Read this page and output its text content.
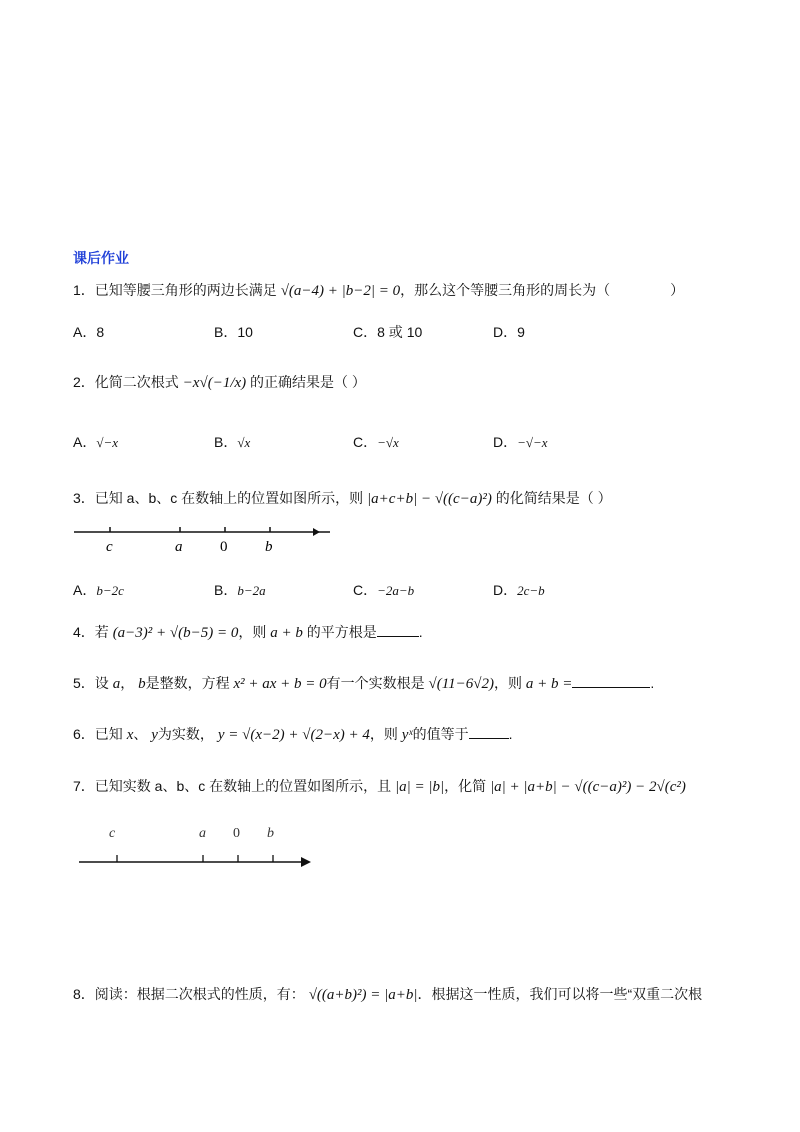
课后作业
1．已知等腰三角形的两边长满足 √(a−4) + |b−2| = 0，那么这个等腰三角形的周长为（	）
A．8	B．10	C．8 或 10	D．9
2．化简二次根式 −x√(−1/x) 的正确结果是（ ）
A．√−x	B．√x	C．−√x	D．−√−x
3．已知 a、b、c 在数轴上的位置如图所示，则 |a+c+b| − √((c−a)²) 的化简结果是（ ）
c	a	0	b
A．b−2c	B．b−2a	C．−2a−b	D．2c−b
4．若 (a−3)² + √(b−5) = 0，则 a + b 的平方根是	.
5．设 a， b是整数，方程 x² + ax + b = 0有一个实数根是 √(11−6√2)，则 a + b =	.
6．已知 x、 y为实数， y = √(x−2) + √(2−x) + 4，则 yˣ的值等于	.
7．已知实数 a、b、c 在数轴上的位置如图所示，且 |a| = |b|，化简 |a| + |a+b| − √((c−a)²) − 2√(c²)
c	a 0 b
8．阅读：根据二次根式的性质，有： √((a+b)²) = |a+b|．根据这一性质，我们可以将一些“双重二次根
